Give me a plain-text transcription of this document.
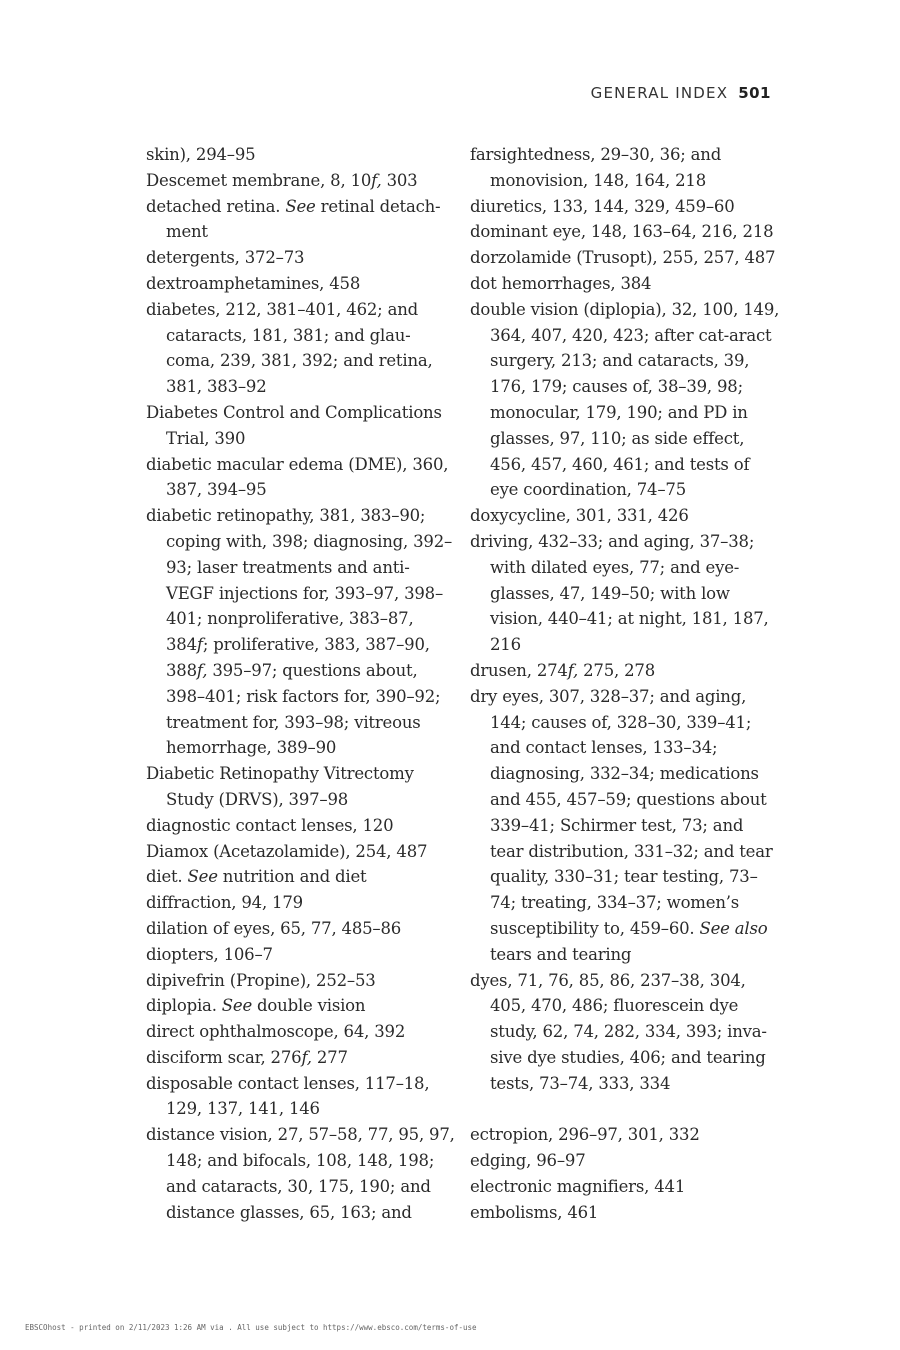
GENERAL INDEX 501
skin), 294–95
Descemet membrane, 8, 10f, 303
detached retina. See retinal detach-ment
detergents, 372–73
dextroamphetamines, 458
diabetes, 212, 381–401, 462; and cataracts, 181, 381; and glau-coma, 239, 381, 392; and retina, 381, 383–92
Diabetes Control and Complications Trial, 390
diabetic macular edema (DME), 360, 387, 394–95
diabetic retinopathy, 381, 383–90; coping with, 398; diagnosing, 392–93; laser treatments and anti-VEGF injections for, 393–97, 398–401; nonproliferative, 383–87, 384f; proliferative, 383, 387–90, 388f, 395–97; questions about, 398–401; risk factors for, 390–92; treatment for, 393–98; vitreous hemorrhage, 389–90
Diabetic Retinopathy Vitrectomy Study (DRVS), 397–98
diagnostic contact lenses, 120
Diamox (Acetazolamide), 254, 487
diet. See nutrition and diet
diffraction, 94, 179
dilation of eyes, 65, 77, 485–86
diopters, 106–7
dipivefrin (Propine), 252–53
diplopia. See double vision
direct ophthalmoscope, 64, 392
disciform scar, 276f, 277
disposable contact lenses, 117–18, 129, 137, 141, 146
distance vision, 27, 57–58, 77, 95, 97, 148; and bifocals, 108, 148, 198; and cataracts, 30, 175, 190; and distance glasses, 65, 163; and
farsightedness, 29–30, 36; and monovision, 148, 164, 218
diuretics, 133, 144, 329, 459–60
dominant eye, 148, 163–64, 216, 218
dorzolamide (Trusopt), 255, 257, 487
dot hemorrhages, 384
double vision (diplopia), 32, 100, 149, 364, 407, 420, 423; after cat-aract surgery, 213; and cataracts, 39, 176, 179; causes of, 38–39, 98; monocular, 179, 190; and PD in glasses, 97, 110; as side effect, 456, 457, 460, 461; and tests of eye coordination, 74–75
doxycycline, 301, 331, 426
driving, 432–33; and aging, 37–38; with dilated eyes, 77; and eye-glasses, 47, 149–50; with low vision, 440–41; at night, 181, 187, 216
drusen, 274f, 275, 278
dry eyes, 307, 328–37; and aging, 144; causes of, 328–30, 339–41; and contact lenses, 133–34; diagnosing, 332–34; medications and 455, 457–59; questions about 339–41; Schirmer test, 73; and tear distribution, 331–32; and tear quality, 330–31; tear testing, 73–74; treating, 334–37; women’s susceptibility to, 459–60. See also tears and tearing
dyes, 71, 76, 85, 86, 237–38, 304, 405, 470, 486; fluorescein dye study, 62, 74, 282, 334, 393; inva-sive dye studies, 406; and tearing tests, 73–74, 333, 334
ectropion, 296–97, 301, 332
edging, 96–97
electronic magnifiers, 441
embolisms, 461
EBSCOhost - printed on 2/11/2023 1:26 AM via . All use subject to https://www.ebsco.com/terms-of-use
